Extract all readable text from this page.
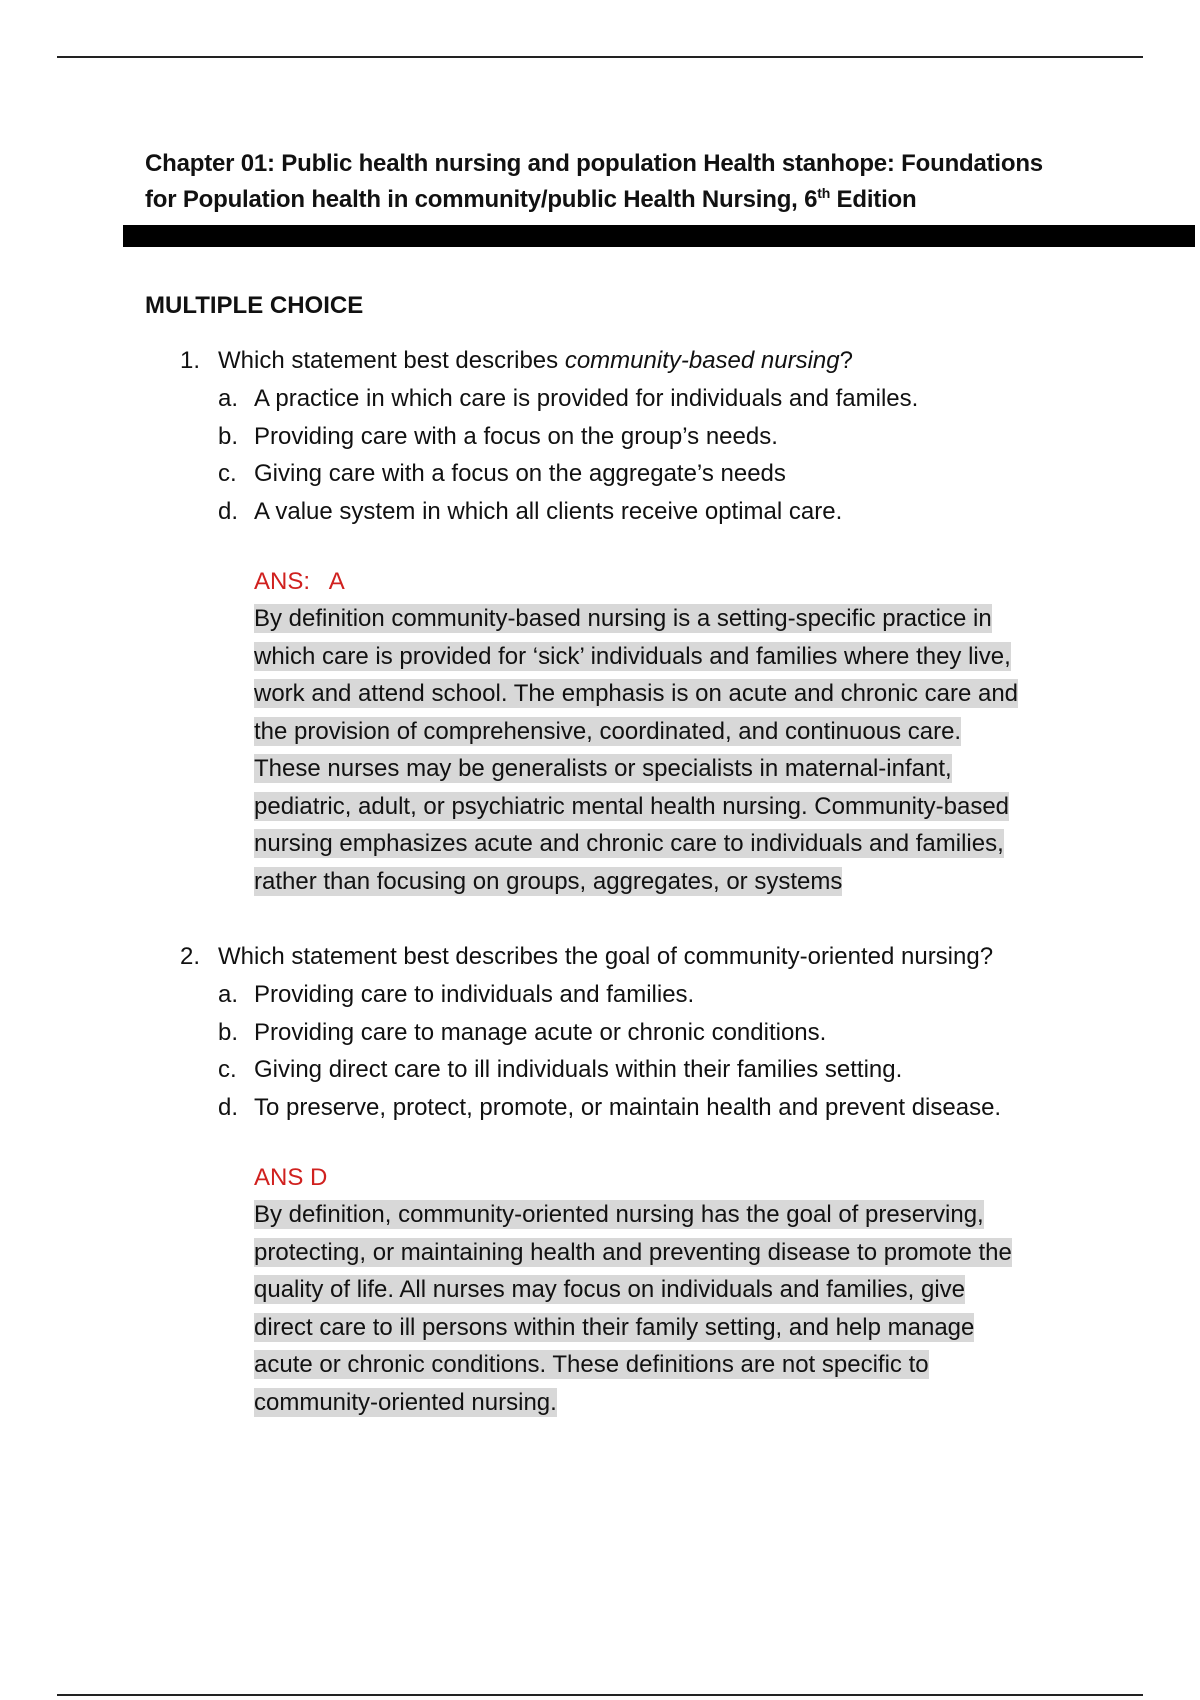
Chapter 01: Public health nursing and population Health stanhope: Foundations
for Population health in community/public Health Nursing, 6th Edition
MULTIPLE CHOICE
1. Which statement best describes community-based nursing?
a. A practice in which care is provided for individuals and familes.
b. Providing care with a focus on the group’s needs.
c. Giving care with a focus on the aggregate’s needs
d. A value system in which all clients receive optimal care.
ANS:   A
By definition community-based nursing is a setting-specific practice in
which care is provided for ‘sick’ individuals and families where they live,
work and attend school. The emphasis is on acute and chronic care and
the provision of comprehensive, coordinated, and continuous care.
These nurses may be generalists or specialists in maternal-infant,
pediatric, adult, or psychiatric mental health nursing. Community-based
nursing emphasizes acute and chronic care to individuals and families,
rather than focusing on groups, aggregates, or systems
2. Which statement best describes the goal of community-oriented nursing?
a. Providing care to individuals and families.
b. Providing care to manage acute or chronic conditions.
c. Giving direct care to ill individuals within their families setting.
d. To preserve, protect, promote, or maintain health and prevent disease.
ANS D
By definition, community-oriented nursing has the goal of preserving,
protecting, or maintaining health and preventing disease to promote the
quality of life. All nurses may focus on individuals and families, give
direct care to ill persons within their family setting, and help manage
acute or chronic conditions. These definitions are not specific to
community-oriented nursing.
